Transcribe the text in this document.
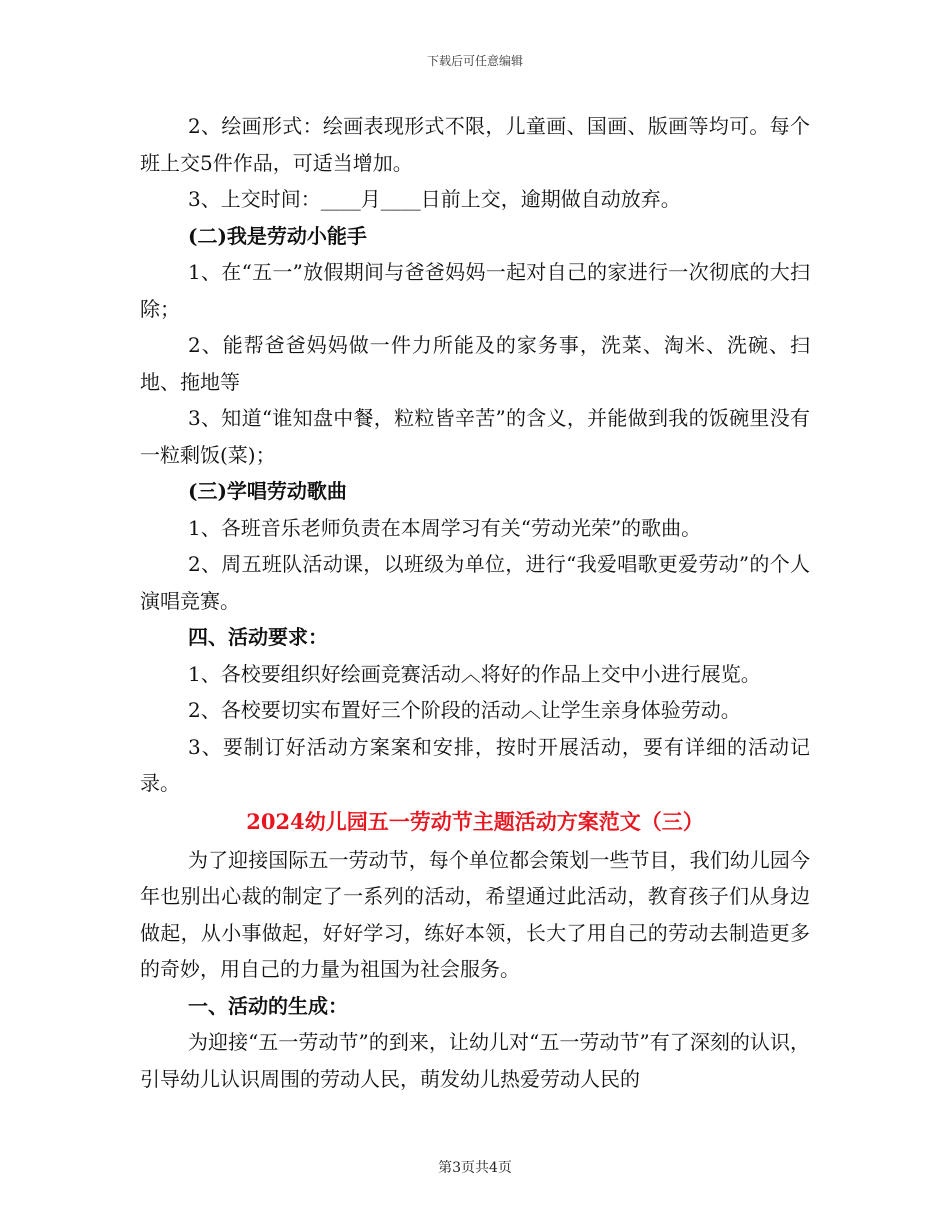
下载后可任意编辑

2、绘画形式：绘画表现形式不限，儿童画、国画、版画等均可。每个班上交5件作品，可适当增加。

3、上交时间：____月____日前上交，逾期做自动放弃。

(二)我是劳动小能手

1、在“五一”放假期间与爸爸妈妈一起对自己的家进行一次彻底的大扫除；

2、能帮爸爸妈妈做一件力所能及的家务事，洗菜、淘米、洗碗、扫地、拖地等

3、知道“谁知盘中餐，粒粒皆辛苦”的含义，并能做到我的饭碗里没有一粒剩饭(菜)；

(三)学唱劳动歌曲

1、各班音乐老师负责在本周学习有关“劳动光荣”的歌曲。

2、周五班队活动课，以班级为单位，进行“我爱唱歌更爱劳动”的个人演唱竞赛。

四、活动要求：

1、各校要组织好绘画竞赛活动︿将好的作品上交中小进行展览。

2、各校要切实布置好三个阶段的活动︿让学生亲身体验劳动。

3、要制订好活动方案案和安排，按时开展活动，要有详细的活动记录。

2024幼儿园五一劳动节主题活动方案范文（三）

为了迎接国际五一劳动节，每个单位都会策划一些节目，我们幼儿园今年也别出心裁的制定了一系列的活动，希望通过此活动，教育孩子们从身边做起，从小事做起，好好学习，练好本领，长大了用自己的劳动去制造更多的奇妙，用自己的力量为祖国为社会服务。

一、活动的生成：

为迎接“五一劳动节”的到来，让幼儿对“五一劳动节”有了深刻的认识，引导幼儿认识周围的劳动人民，萌发幼儿热爱劳动人民的

第3页共4页
